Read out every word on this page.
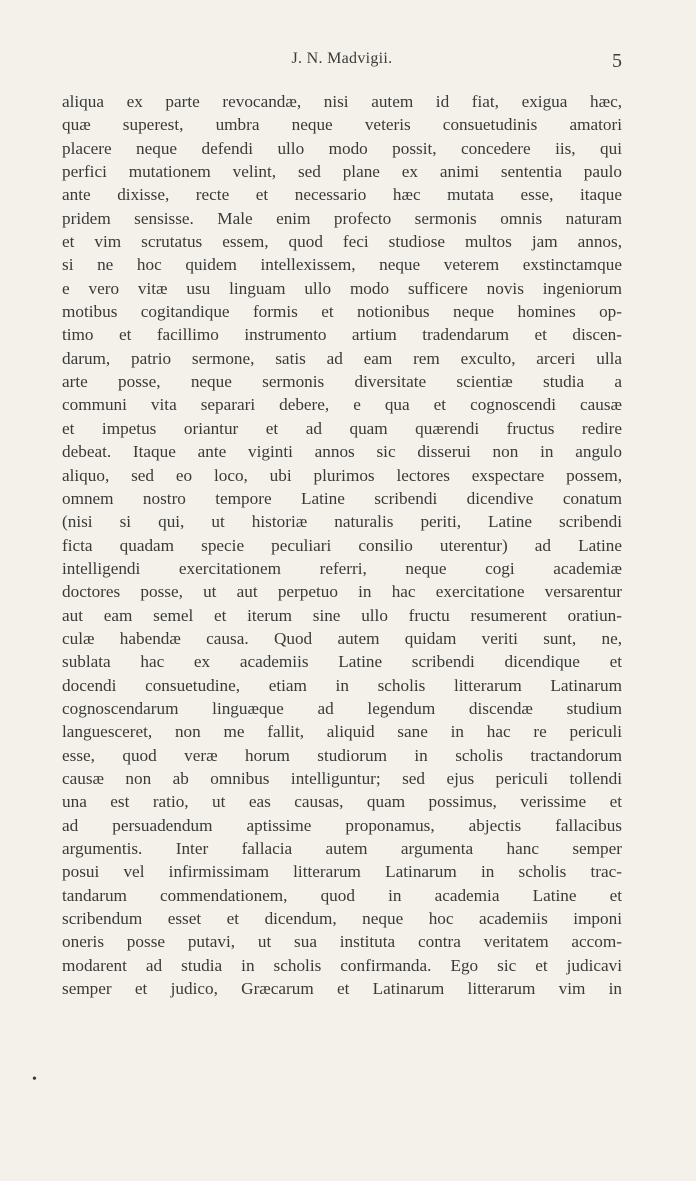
J. N. Madvigii.	5
aliqua ex parte revocandæ, nisi autem id fiat, exigua hæc,
quæ superest, umbra neque veteris consuetudinis amatori
placere neque defendi ullo modo possit, concedere iis, qui
perfici mutationem velint, sed plane ex animi sententia paulo
ante dixisse, recte et necessario hæc mutata esse, itaque
pridem sensisse. Male enim profecto sermonis omnis naturam
et vim scrutatus essem, quod feci studiose multos jam annos,
si ne hoc quidem intellexissem, neque veterem exstinctamque
e vero vitæ usu linguam ullo modo sufficere novis ingeniorum
motibus cogitandique formis et notionibus neque homines op-
timo et facillimo instrumento artium tradendarum et discen-
darum, patrio sermone, satis ad eam rem exculto, arceri ulla
arte posse, neque sermonis diversitate scientiæ studia a
communi vita separari debere, e qua et cognoscendi causæ
et impetus oriantur et ad quam quærendi fructus redire
debeat. Itaque ante viginti annos sic disserui non in angulo
aliquo, sed eo loco, ubi plurimos lectores exspectare possem,
omnem nostro tempore Latine scribendi dicendive conatum
(nisi si qui, ut historiæ naturalis periti, Latine scribendi
ficta quadam specie peculiari consilio uterentur) ad Latine
intelligendi exercitationem referri, neque cogi academiæ
doctores posse, ut aut perpetuo in hac exercitatione versarentur
aut eam semel et iterum sine ullo fructu resumerent oratiun-
culæ habendæ causa. Quod autem quidam veriti sunt, ne,
sublata hac ex academiis Latine scribendi dicendique et
docendi consuetudine, etiam in scholis litterarum Latinarum
cognoscendarum linguæque ad legendum discendæ studium
languesceret, non me fallit, aliquid sane in hac re periculi
esse, quod veræ horum studiorum in scholis tractandorum
causæ non ab omnibus intelliguntur; sed ejus periculi tollendi
una est ratio, ut eas causas, quam possimus, verissime et
ad persuadendum aptissime proponamus, abjectis fallacibus
argumentis. Inter fallacia autem argumenta hanc semper
posui vel infirmissimam litterarum Latinarum in scholis trac-
tandarum commendationem, quod in academia Latine et
scribendum esset et dicendum, neque hoc academiis imponi
oneris posse putavi, ut sua instituta contra veritatem accom-
modarent ad studia in scholis confirmanda. Ego sic et judicavi
semper et judico, Græcarum et Latinarum litterarum vim in
•
